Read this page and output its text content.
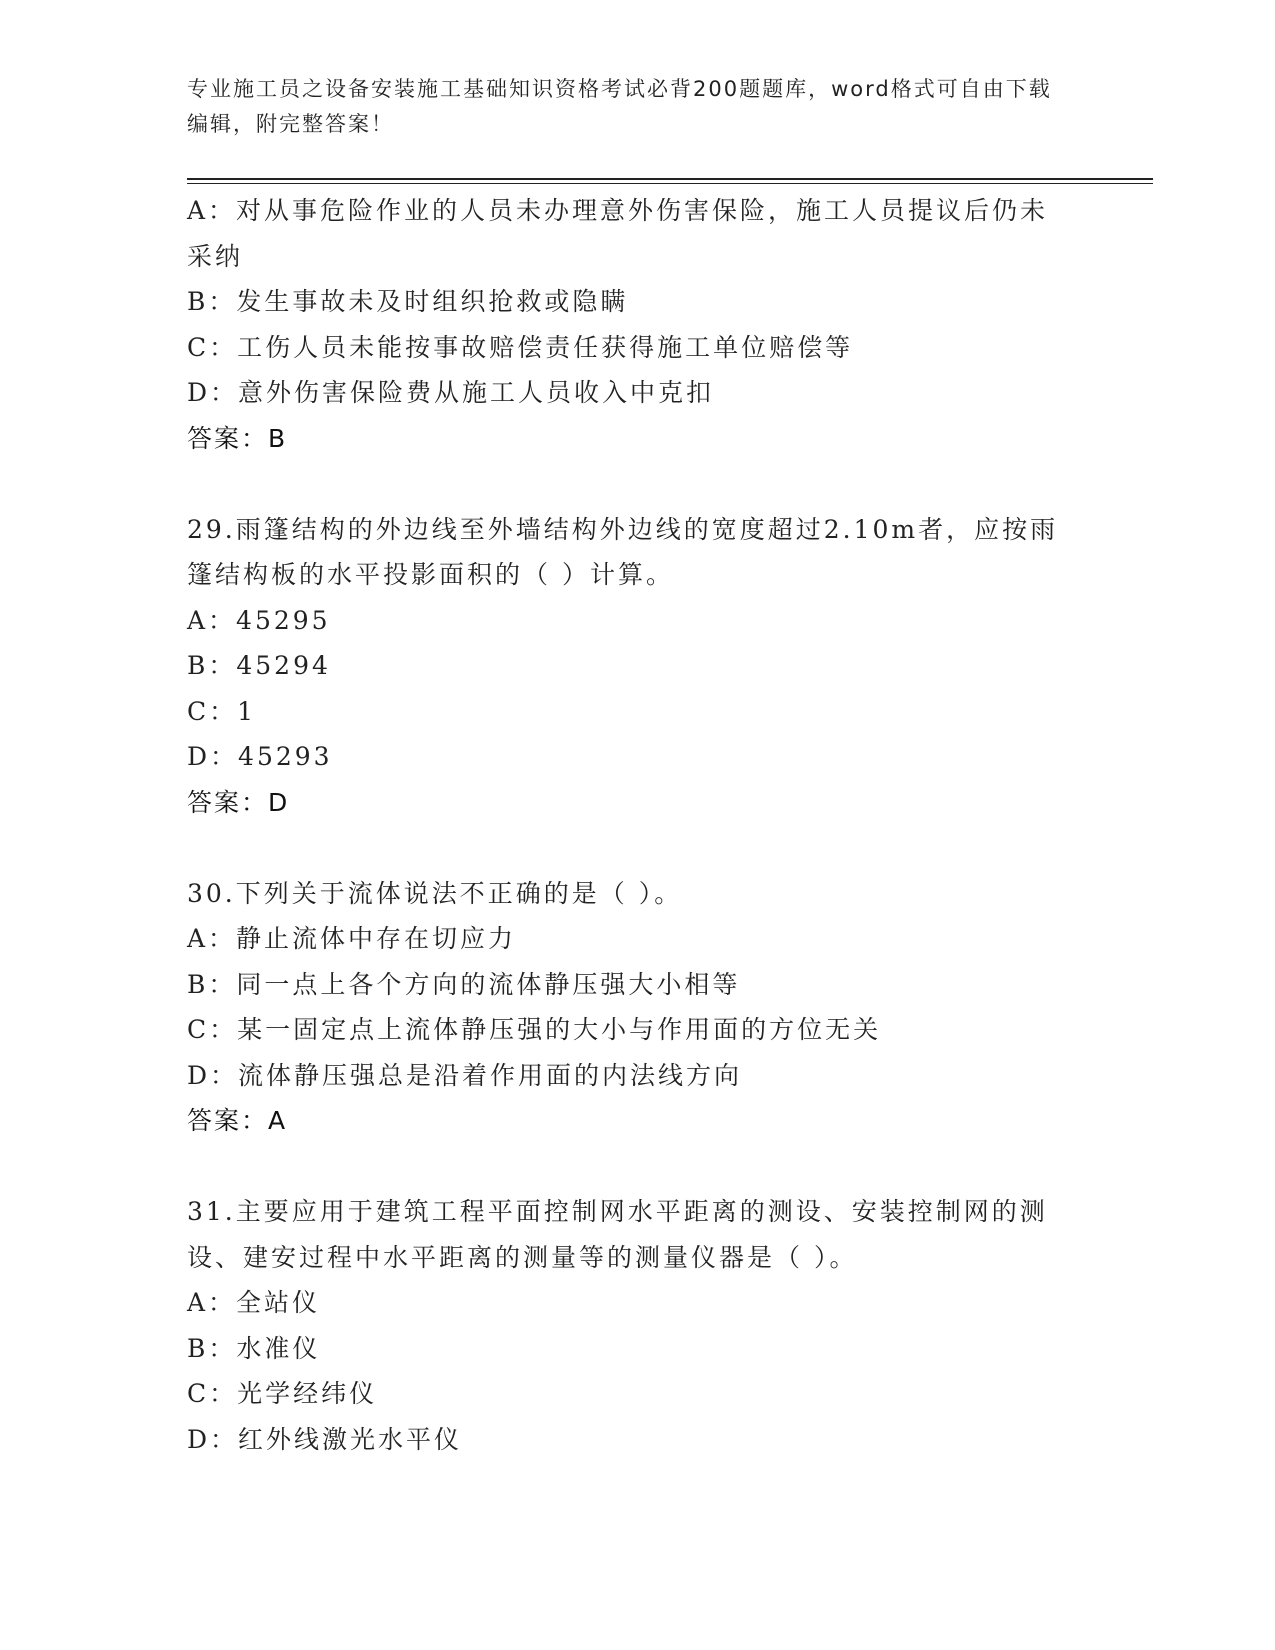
专业施工员之设备安装施工基础知识资格考试必背200题题库，word格式可自由下载编辑，附完整答案！
A：对从事危险作业的人员未办理意外伤害保险，施工人员提议后仍未采纳
B：发生事故未及时组织抢救或隐瞒
C：工伤人员未能按事故赔偿责任获得施工单位赔偿等
D：意外伤害保险费从施工人员收入中克扣
答案：B
29.雨篷结构的外边线至外墙结构外边线的宽度超过2.10m者，应按雨篷结构板的水平投影面积的（ ）计算。
A：45295
B：45294
C：1
D：45293
答案：D
30.下列关于流体说法不正确的是（ ）。
A：静止流体中存在切应力
B：同一点上各个方向的流体静压强大小相等
C：某一固定点上流体静压强的大小与作用面的方位无关
D：流体静压强总是沿着作用面的内法线方向
答案：A
31.主要应用于建筑工程平面控制网水平距离的测设、安装控制网的测设、建安过程中水平距离的测量等的测量仪器是（ ）。
A：全站仪
B：水准仪
C：光学经纬仪
D：红外线激光水平仪
